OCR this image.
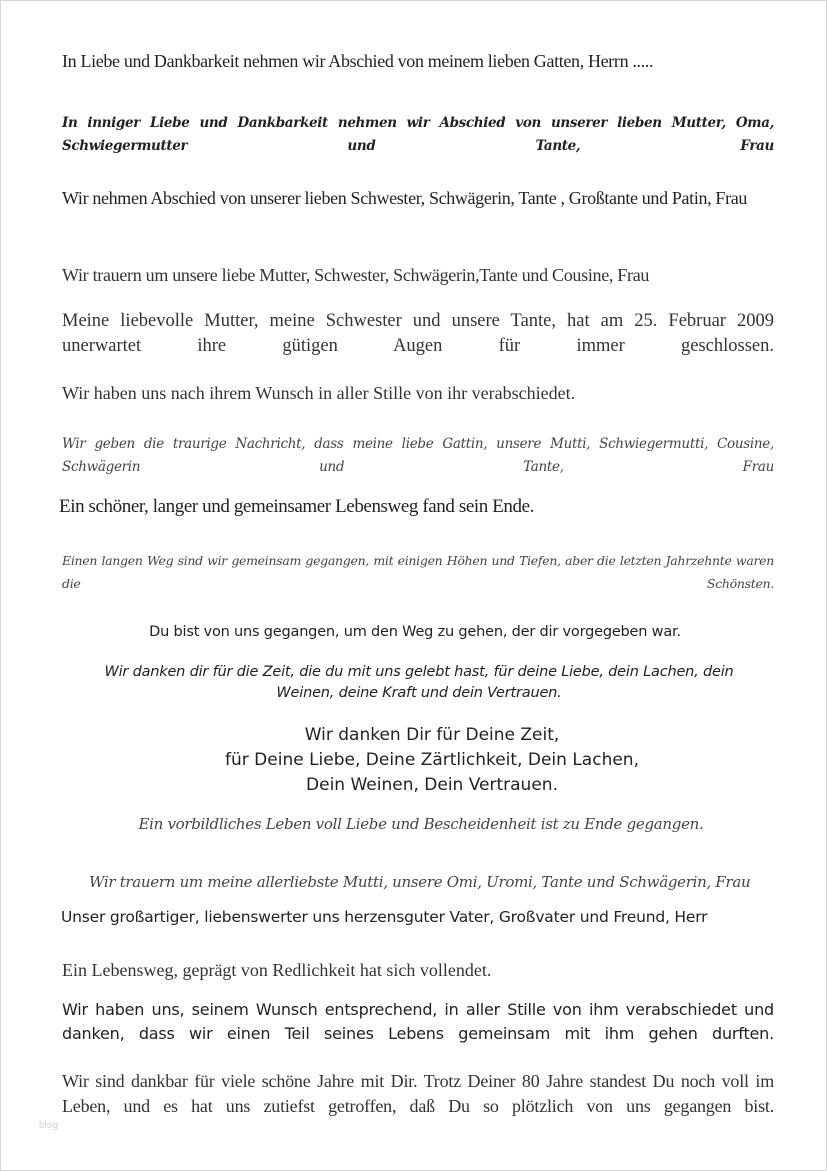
In Liebe und Dankbarkeit nehmen wir Abschied von meinem lieben Gatten, Herrn .....

In inniger Liebe und Dankbarkeit nehmen wir Abschied von unserer lieben Mutter, Oma, Schwiegermutter und Tante, Frau

Wir nehmen Abschied von unserer lieben Schwester, Schwägerin, Tante , Großtante und Patin, Frau

Wir trauern um unsere liebe Mutter, Schwester, Schwägerin,Tante und Cousine, Frau

Meine liebevolle Mutter, meine Schwester und unsere Tante, hat am 25. Februar 2009 unerwartet ihre gütigen Augen für immer geschlossen.

Wir haben uns nach ihrem Wunsch in aller Stille von ihr verabschiedet.

Wir geben die traurige Nachricht, dass meine liebe Gattin, unsere Mutti, Schwiegermutti, Cousine, Schwägerin und Tante, Frau

Ein schöner, langer und gemeinsamer Lebensweg fand sein Ende.

Einen langen Weg sind wir gemeinsam gegangen, mit einigen Höhen und Tiefen, aber die letzten Jahrzehnte waren die Schönsten.

Du bist von uns gegangen, um den Weg zu gehen, der dir vorgegeben war.

Wir danken dir für die Zeit, die du mit uns gelebt hast, für deine Liebe, dein Lachen, dein Weinen, deine Kraft und dein Vertrauen.

Wir danken Dir für Deine Zeit,
für Deine Liebe, Deine Zärtlichkeit, Dein Lachen,
Dein Weinen, Dein Vertrauen.

Ein vorbildliches Leben voll Liebe und Bescheidenheit ist zu Ende gegangen.

Wir trauern um meine allerliebste Mutti, unsere Omi, Uromi, Tante und Schwägerin, Frau

Unser großartiger, liebenswerter uns herzensguter Vater, Großvater und Freund, Herr

Ein Lebensweg, geprägt von Redlichkeit hat sich vollendet.

Wir haben uns, seinem Wunsch entsprechend, in aller Stille von ihm verabschiedet und danken, dass wir einen Teil seines Lebens gemeinsam mit ihm gehen durften.

Wir sind dankbar für viele schöne Jahre mit Dir. Trotz Deiner 80 Jahre standest Du noch voll im Leben, und es hat uns zutiefst getroffen, daß Du so plötzlich von uns gegangen bist.

blog
